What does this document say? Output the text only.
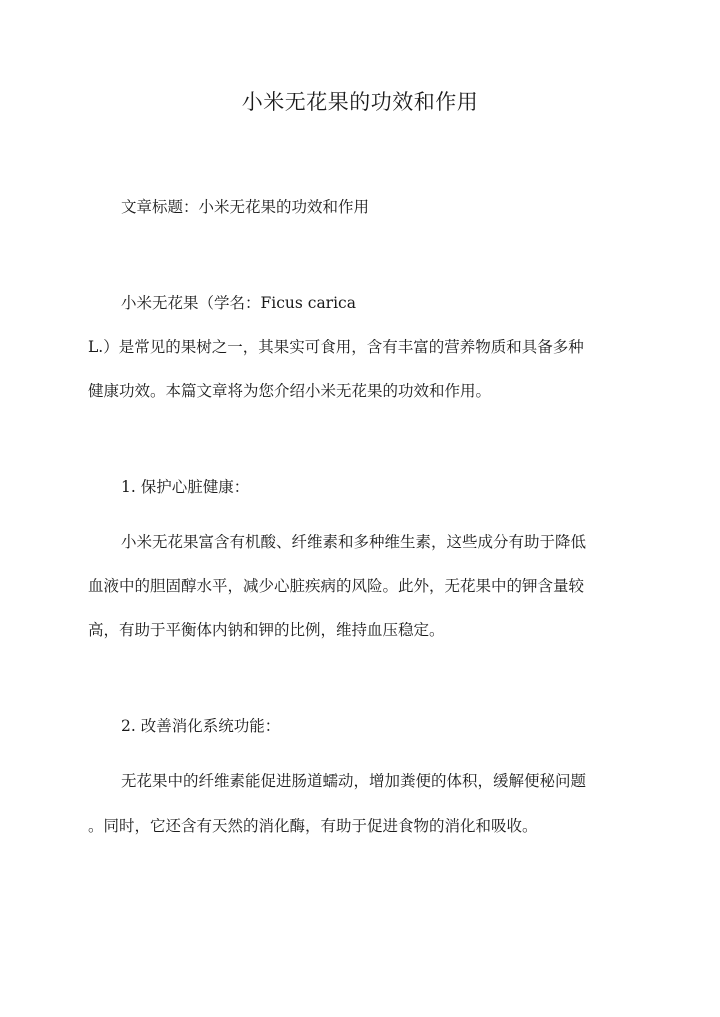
小米无花果的功效和作用
文章标题：小米无花果的功效和作用
小米无花果（学名：Ficus carica
L.）是常见的果树之一，其果实可食用，含有丰富的营养物质和具备多种
健康功效。本篇文章将为您介绍小米无花果的功效和作用。
1. 保护心脏健康：
小米无花果富含有机酸、纤维素和多种维生素，这些成分有助于降低
血液中的胆固醇水平，减少心脏疾病的风险。此外，无花果中的钾含量较
高，有助于平衡体内钠和钾的比例，维持血压稳定。
2. 改善消化系统功能：
无花果中的纤维素能促进肠道蠕动，增加粪便的体积，缓解便秘问题
。同时，它还含有天然的消化酶，有助于促进食物的消化和吸收。
